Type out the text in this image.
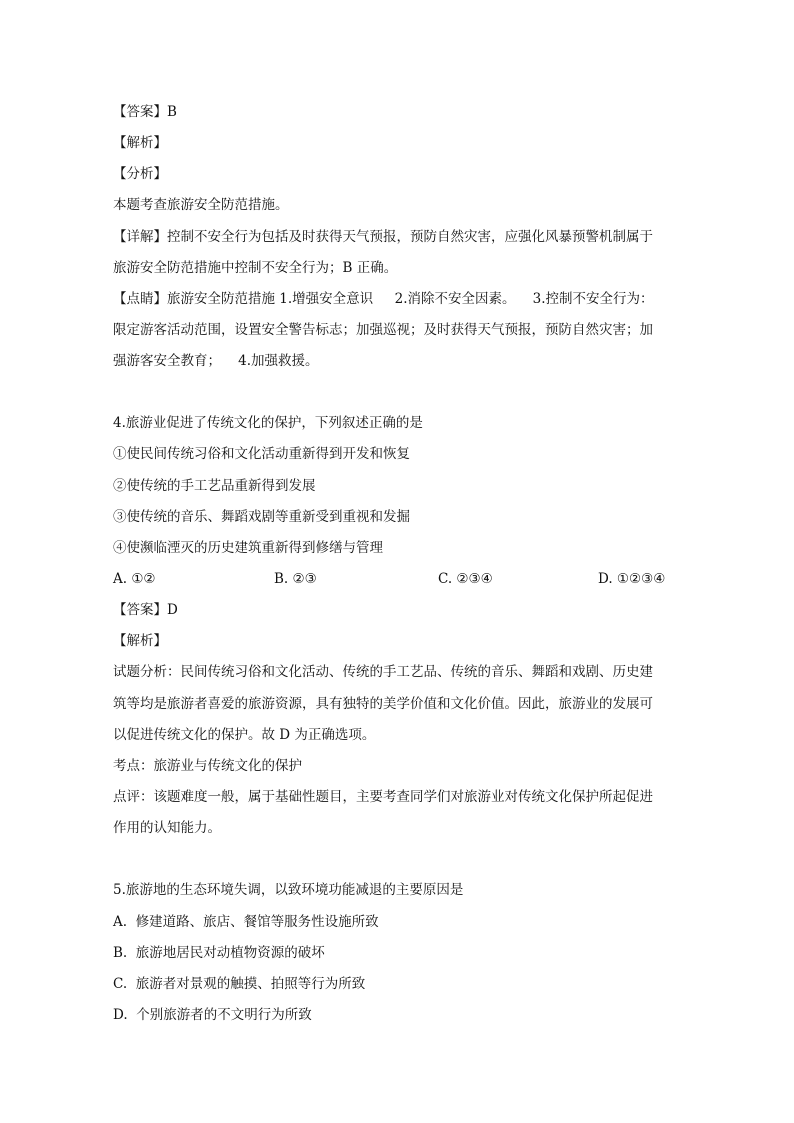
【答案】B
【解析】
【分析】
本题考查旅游安全防范措施。
【详解】控制不安全行为包括及时获得天气预报，预防自然灾害，应强化风暴预警机制属于
旅游安全防范措施中控制不安全行为；B 正确。
【点睛】旅游安全防范措施 1.增强安全意识     2.消除不安全因素。    3.控制不安全行为：
限定游客活动范围，设置安全警告标志；加强巡视；及时获得天气预报，预防自然灾害；加
强游客安全教育；    4.加强救援。
4.旅游业促进了传统文化的保护，下列叙述正确的是
①使民间传统习俗和文化活动重新得到开发和恢复
②使传统的手工艺品重新得到发展
③使传统的音乐、舞蹈戏剧等重新受到重视和发掘
④使濒临湮灭的历史建筑重新得到修缮与管理
A. ①②	B. ②③	C. ②③④	D. ①②③④
【答案】D
【解析】
试题分析：民间传统习俗和文化活动、传统的手工艺品、传统的音乐、舞蹈和戏剧、历史建
筑等均是旅游者喜爱的旅游资源，具有独特的美学价值和文化价值。因此，旅游业的发展可
以促进传统文化的保护。故 D 为正确选项。
考点：旅游业与传统文化的保护
点评：该题难度一般，属于基础性题目，主要考查同学们对旅游业对传统文化保护所起促进
作用的认知能力。
5.旅游地的生态环境失调，以致环境功能减退的主要原因是
A.  修建道路、旅店、餐馆等服务性设施所致
B.  旅游地居民对动植物资源的破坏
C.  旅游者对景观的触摸、拍照等行为所致
D.  个别旅游者的不文明行为所致
